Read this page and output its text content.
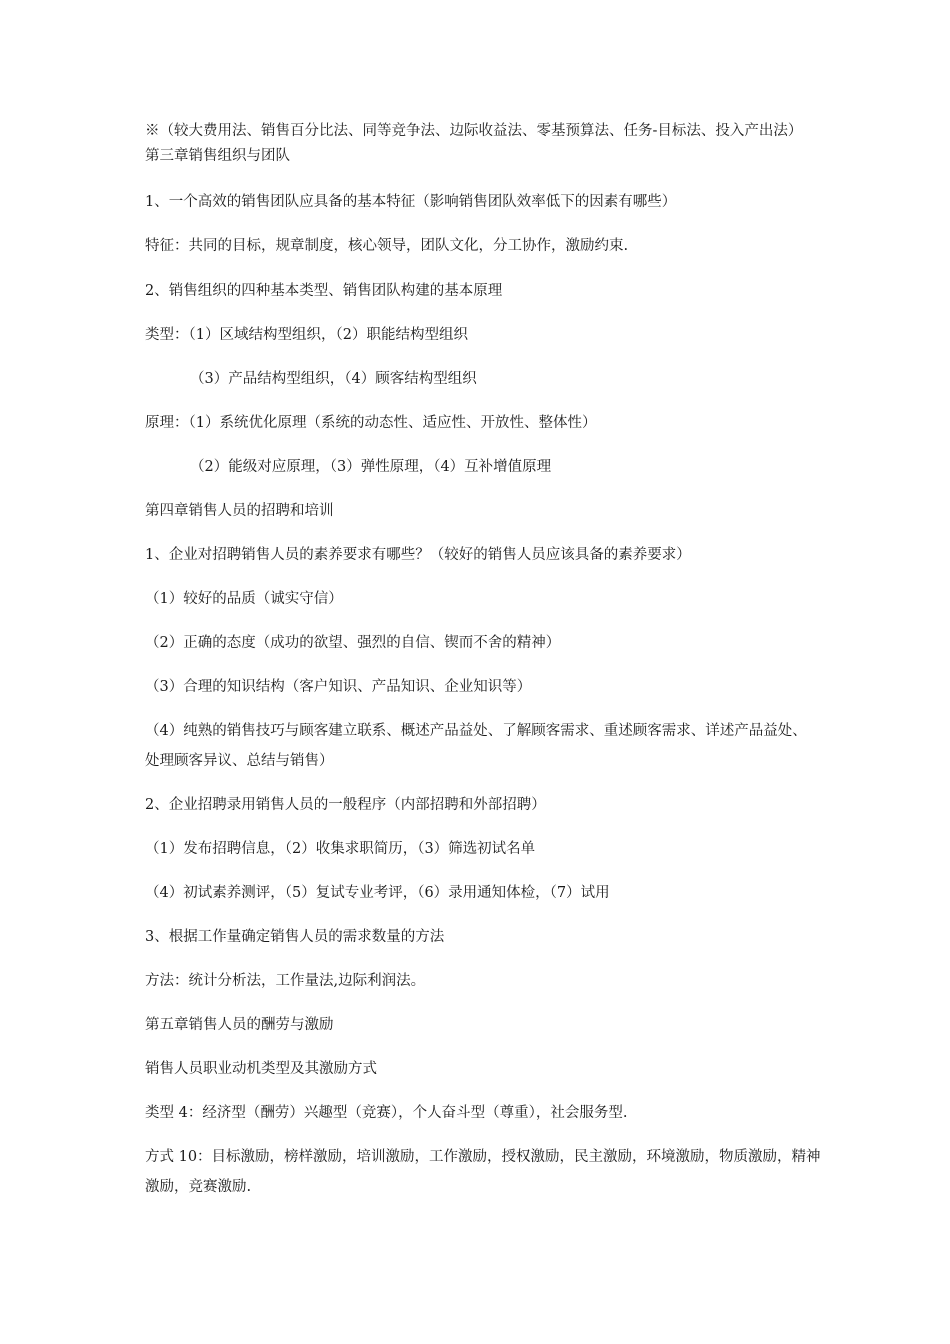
※（较大费用法、销售百分比法、同等竞争法、边际收益法、零基预算法、任务-目标法、投入产出法）
第三章销售组织与团队
1、一个高效的销售团队应具备的基本特征（影响销售团队效率低下的因素有哪些）
特征：共同的目标，规章制度，核心领导，团队文化，分工协作，激励约束.
2、销售组织的四种基本类型、销售团队构建的基本原理
类型：（1）区域结构型组织，（2）职能结构型组织
（3）产品结构型组织，（4）顾客结构型组织
原理：（1）系统优化原理（系统的动态性、适应性、开放性、整体性）
（2）能级对应原理，（3）弹性原理，（4）互补增值原理
第四章销售人员的招聘和培训
1、企业对招聘销售人员的素养要求有哪些？（较好的销售人员应该具备的素养要求）
（1）较好的品质（诚实守信）
（2）正确的态度（成功的欲望、强烈的自信、锲而不舍的精神）
（3）合理的知识结构（客户知识、产品知识、企业知识等）
（4）纯熟的销售技巧与顾客建立联系、概述产品益处、了解顾客需求、重述顾客需求、详述产品益处、
处理顾客异议、总结与销售）
2、企业招聘录用销售人员的一般程序（内部招聘和外部招聘）
（1）发布招聘信息，（2）收集求职简历，（3）筛选初试名单
（4）初试素养测评，（5）复试专业考评，（6）录用通知体检，（7）试用
3、根据工作量确定销售人员的需求数量的方法
方法：统计分析法，工作量法,边际利润法。
第五章销售人员的酬劳与激励
销售人员职业动机类型及其激励方式
类型 4：经济型（酬劳）兴趣型（竞赛），个人奋斗型（尊重），社会服务型.
方式 10：目标激励，榜样激励，培训激励，工作激励，授权激励，民主激励，环境激励，物质激励，精神
激励，竞赛激励.
